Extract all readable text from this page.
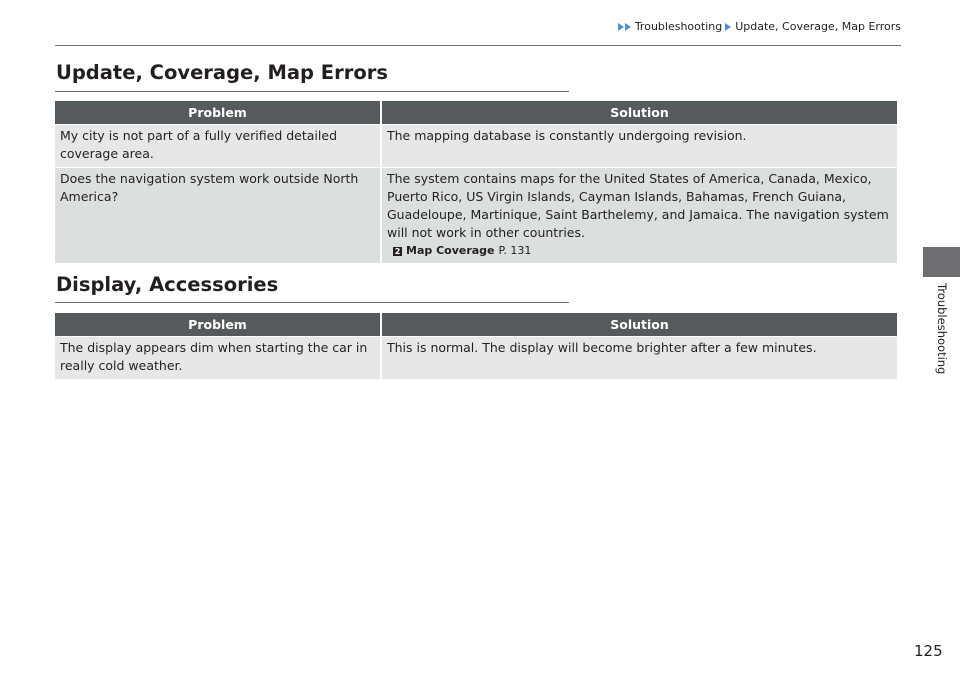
Troubleshooting Update, Coverage, Map Errors
Update, Coverage, Map Errors
Problem	Solution
My city is not part of a fully verified detailed coverage area.	The mapping database is constantly undergoing revision.
Does the navigation system work outside North America?	The system contains maps for the United States of America, Canada, Mexico, Puerto Rico, US Virgin Islands, Cayman Islands, Bahamas, French Guiana, Guadeloupe, Martinique, Saint Barthelemy, and Jamaica. The navigation system will not work in other countries.
2 Map Coverage P. 131
Display, Accessories
Problem	Solution
The display appears dim when starting the car in really cold weather.	This is normal. The display will become brighter after a few minutes.	Troubleshooting
125
